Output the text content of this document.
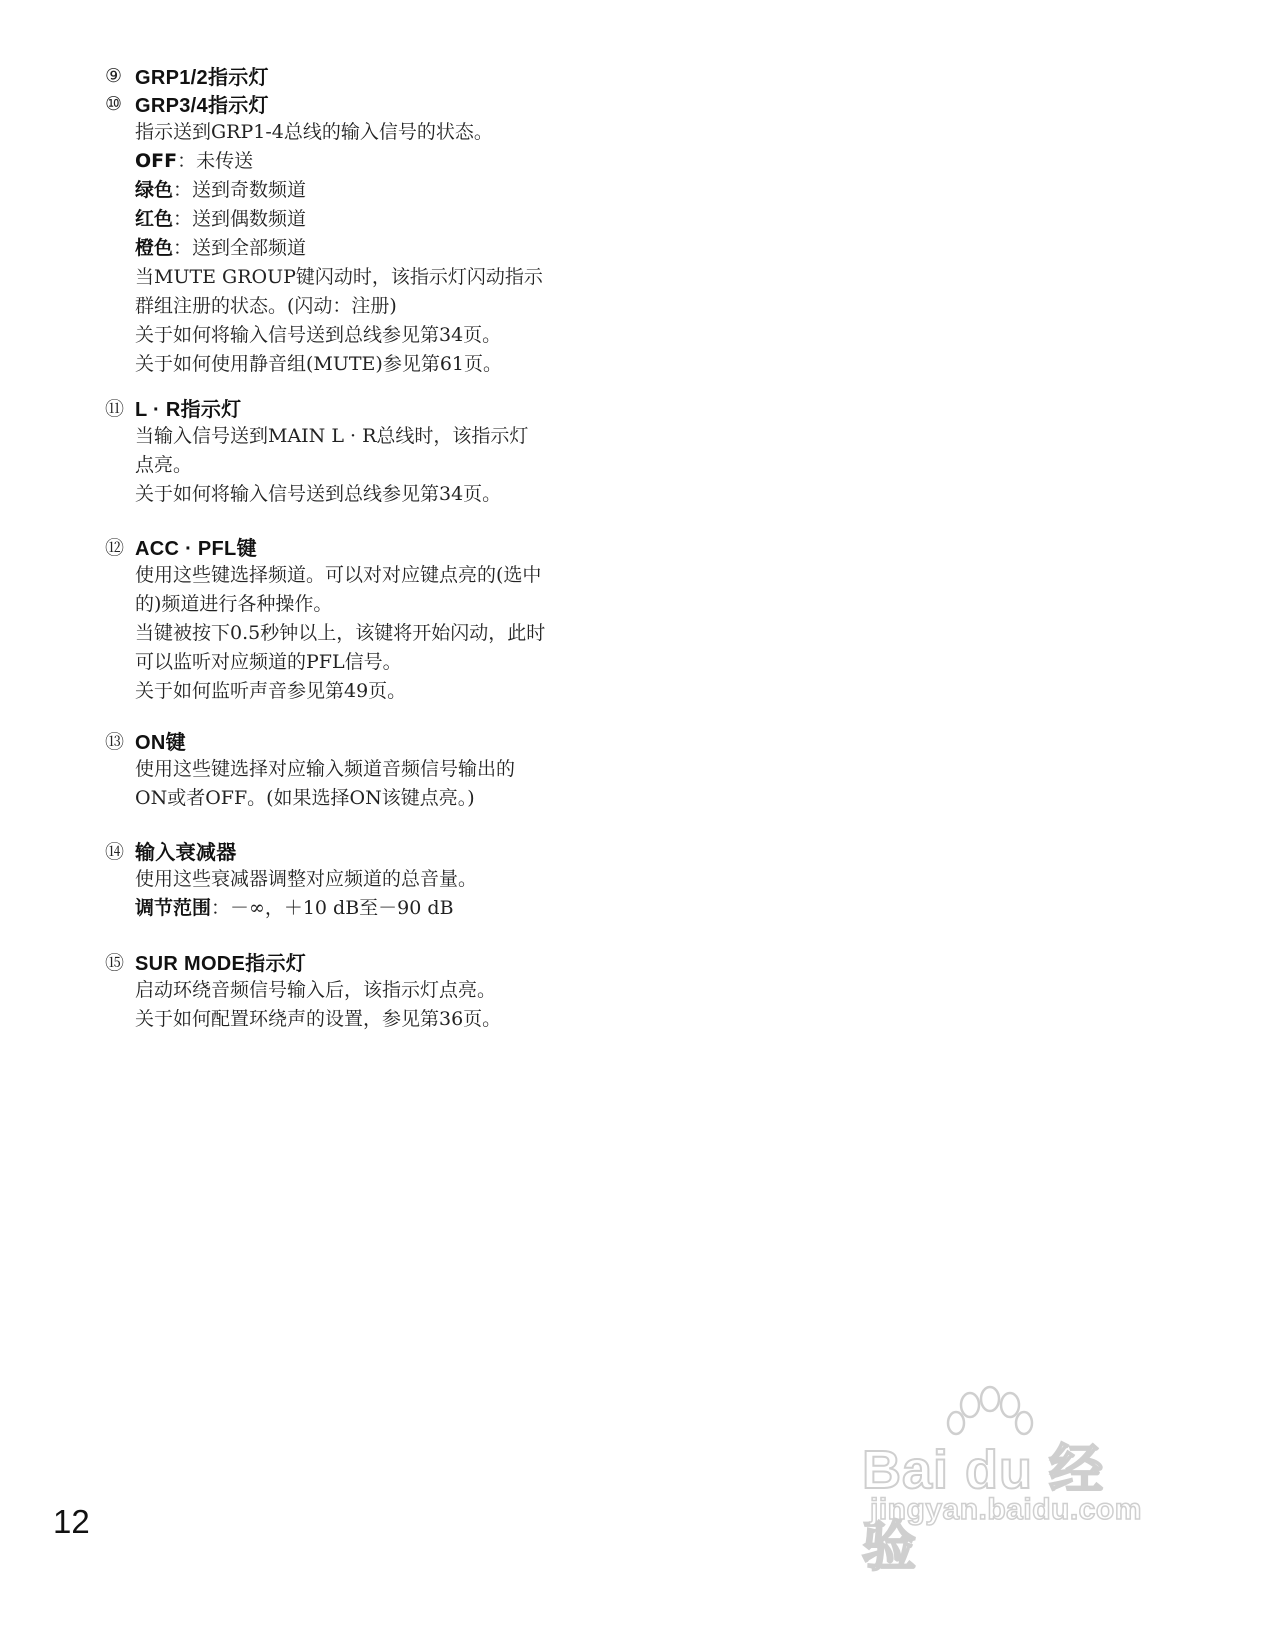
⑨ GRP1/2指示灯
⑩ GRP3/4指示灯
指示送到GRP1-4总线的输入信号的状态。
OFF：未传送
绿色：送到奇数频道
红色：送到偶数频道
橙色：送到全部频道
当MUTE GROUP键闪动时，该指示灯闪动指示
群组注册的状态。(闪动：注册)
关于如何将输入信号送到总线参见第34页。
关于如何使用静音组(MUTE)参见第61页。
⑪ L · R指示灯
当输入信号送到MAIN L · R总线时，该指示灯
点亮。
关于如何将输入信号送到总线参见第34页。
⑫ ACC · PFL键
使用这些键选择频道。可以对对应键点亮的(选中
的)频道进行各种操作。
当键被按下0.5秒钟以上，该键将开始闪动，此时
可以监听对应频道的PFL信号。
关于如何监听声音参见第49页。
⑬ ON键
使用这些键选择对应输入频道音频信号输出的
ON或者OFF。(如果选择ON该键点亮。)
⑭ 输入衰减器
使用这些衰减器调整对应频道的总音量。
调节范围：－∞，＋10 dB至－90 dB
⑮ SUR MODE指示灯
启动环绕音频信号输入后，该指示灯点亮。
关于如何配置环绕声的设置，参见第36页。
Bai du 经验
jingyan.baidu.com
12
